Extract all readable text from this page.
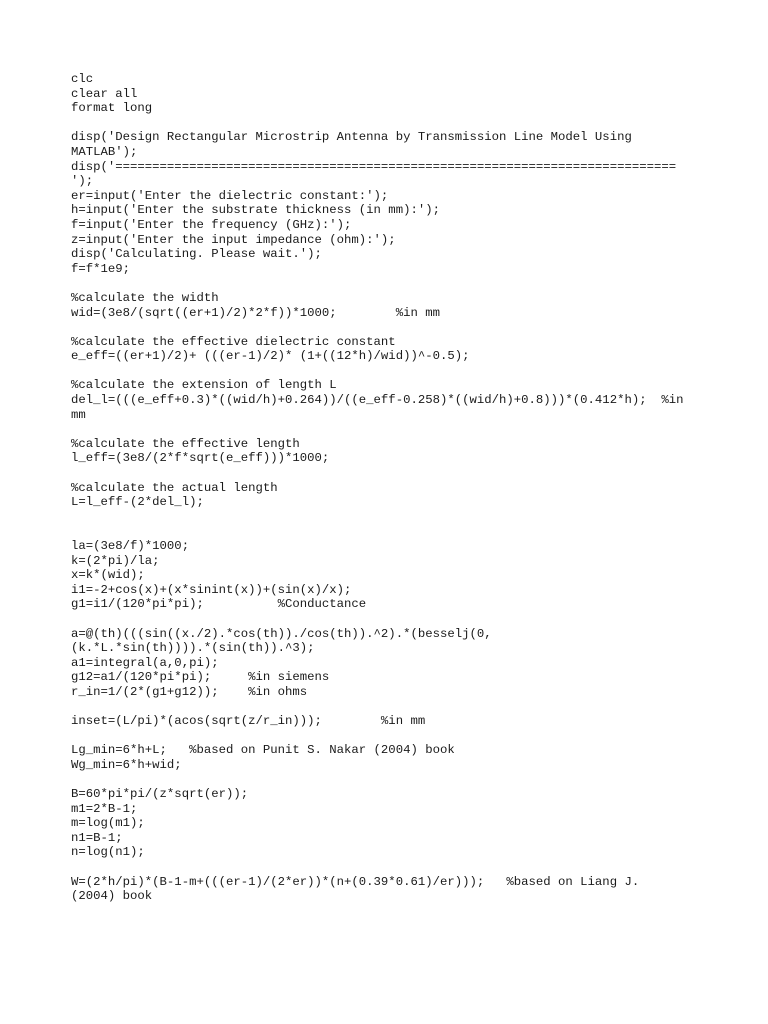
clc
clear all
format long
disp('Design Rectangular Microstrip Antenna by Transmission Line Model Using
MATLAB');
disp('============================================================================
');
er=input('Enter the dielectric constant:');
h=input('Enter the substrate thickness (in mm):');
f=input('Enter the frequency (GHz):');
z=input('Enter the input impedance (ohm):');
disp('Calculating. Please wait.');
f=f*1e9;
%calculate the width
wid=(3e8/(sqrt((er+1)/2)*2*f))*1000;        %in mm
%calculate the effective dielectric constant
e_eff=((er+1)/2)+ (((er-1)/2)* (1+((12*h)/wid))^-0.5);
%calculate the extension of length L
del_l=(((e_eff+0.3)*((wid/h)+0.264))/((e_eff-0.258)*((wid/h)+0.8)))*(0.412*h);  %in
mm
%calculate the effective length
l_eff=(3e8/(2*f*sqrt(e_eff)))*1000;
%calculate the actual length
L=l_eff-(2*del_l);
la=(3e8/f)*1000;
k=(2*pi)/la;
x=k*(wid);
i1=-2+cos(x)+(x*sinint(x))+(sin(x)/x);
g1=i1/(120*pi*pi);          %Conductance
a=@(th)(((sin((x./2).*cos(th))./cos(th)).^2).*(besselj(0,
(k.*L.*sin(th)))).*(sin(th)).^3);
a1=integral(a,0,pi);
g12=a1/(120*pi*pi);     %in siemens
r_in=1/(2*(g1+g12));    %in ohms
inset=(L/pi)*(acos(sqrt(z/r_in)));        %in mm
Lg_min=6*h+L;   %based on Punit S. Nakar (2004) book
Wg_min=6*h+wid;
B=60*pi*pi/(z*sqrt(er));
m1=2*B-1;
m=log(m1);
n1=B-1;
n=log(n1);
W=(2*h/pi)*(B-1-m+(((er-1)/(2*er))*(n+(0.39*0.61)/er)));   %based on Liang J.
(2004) book
